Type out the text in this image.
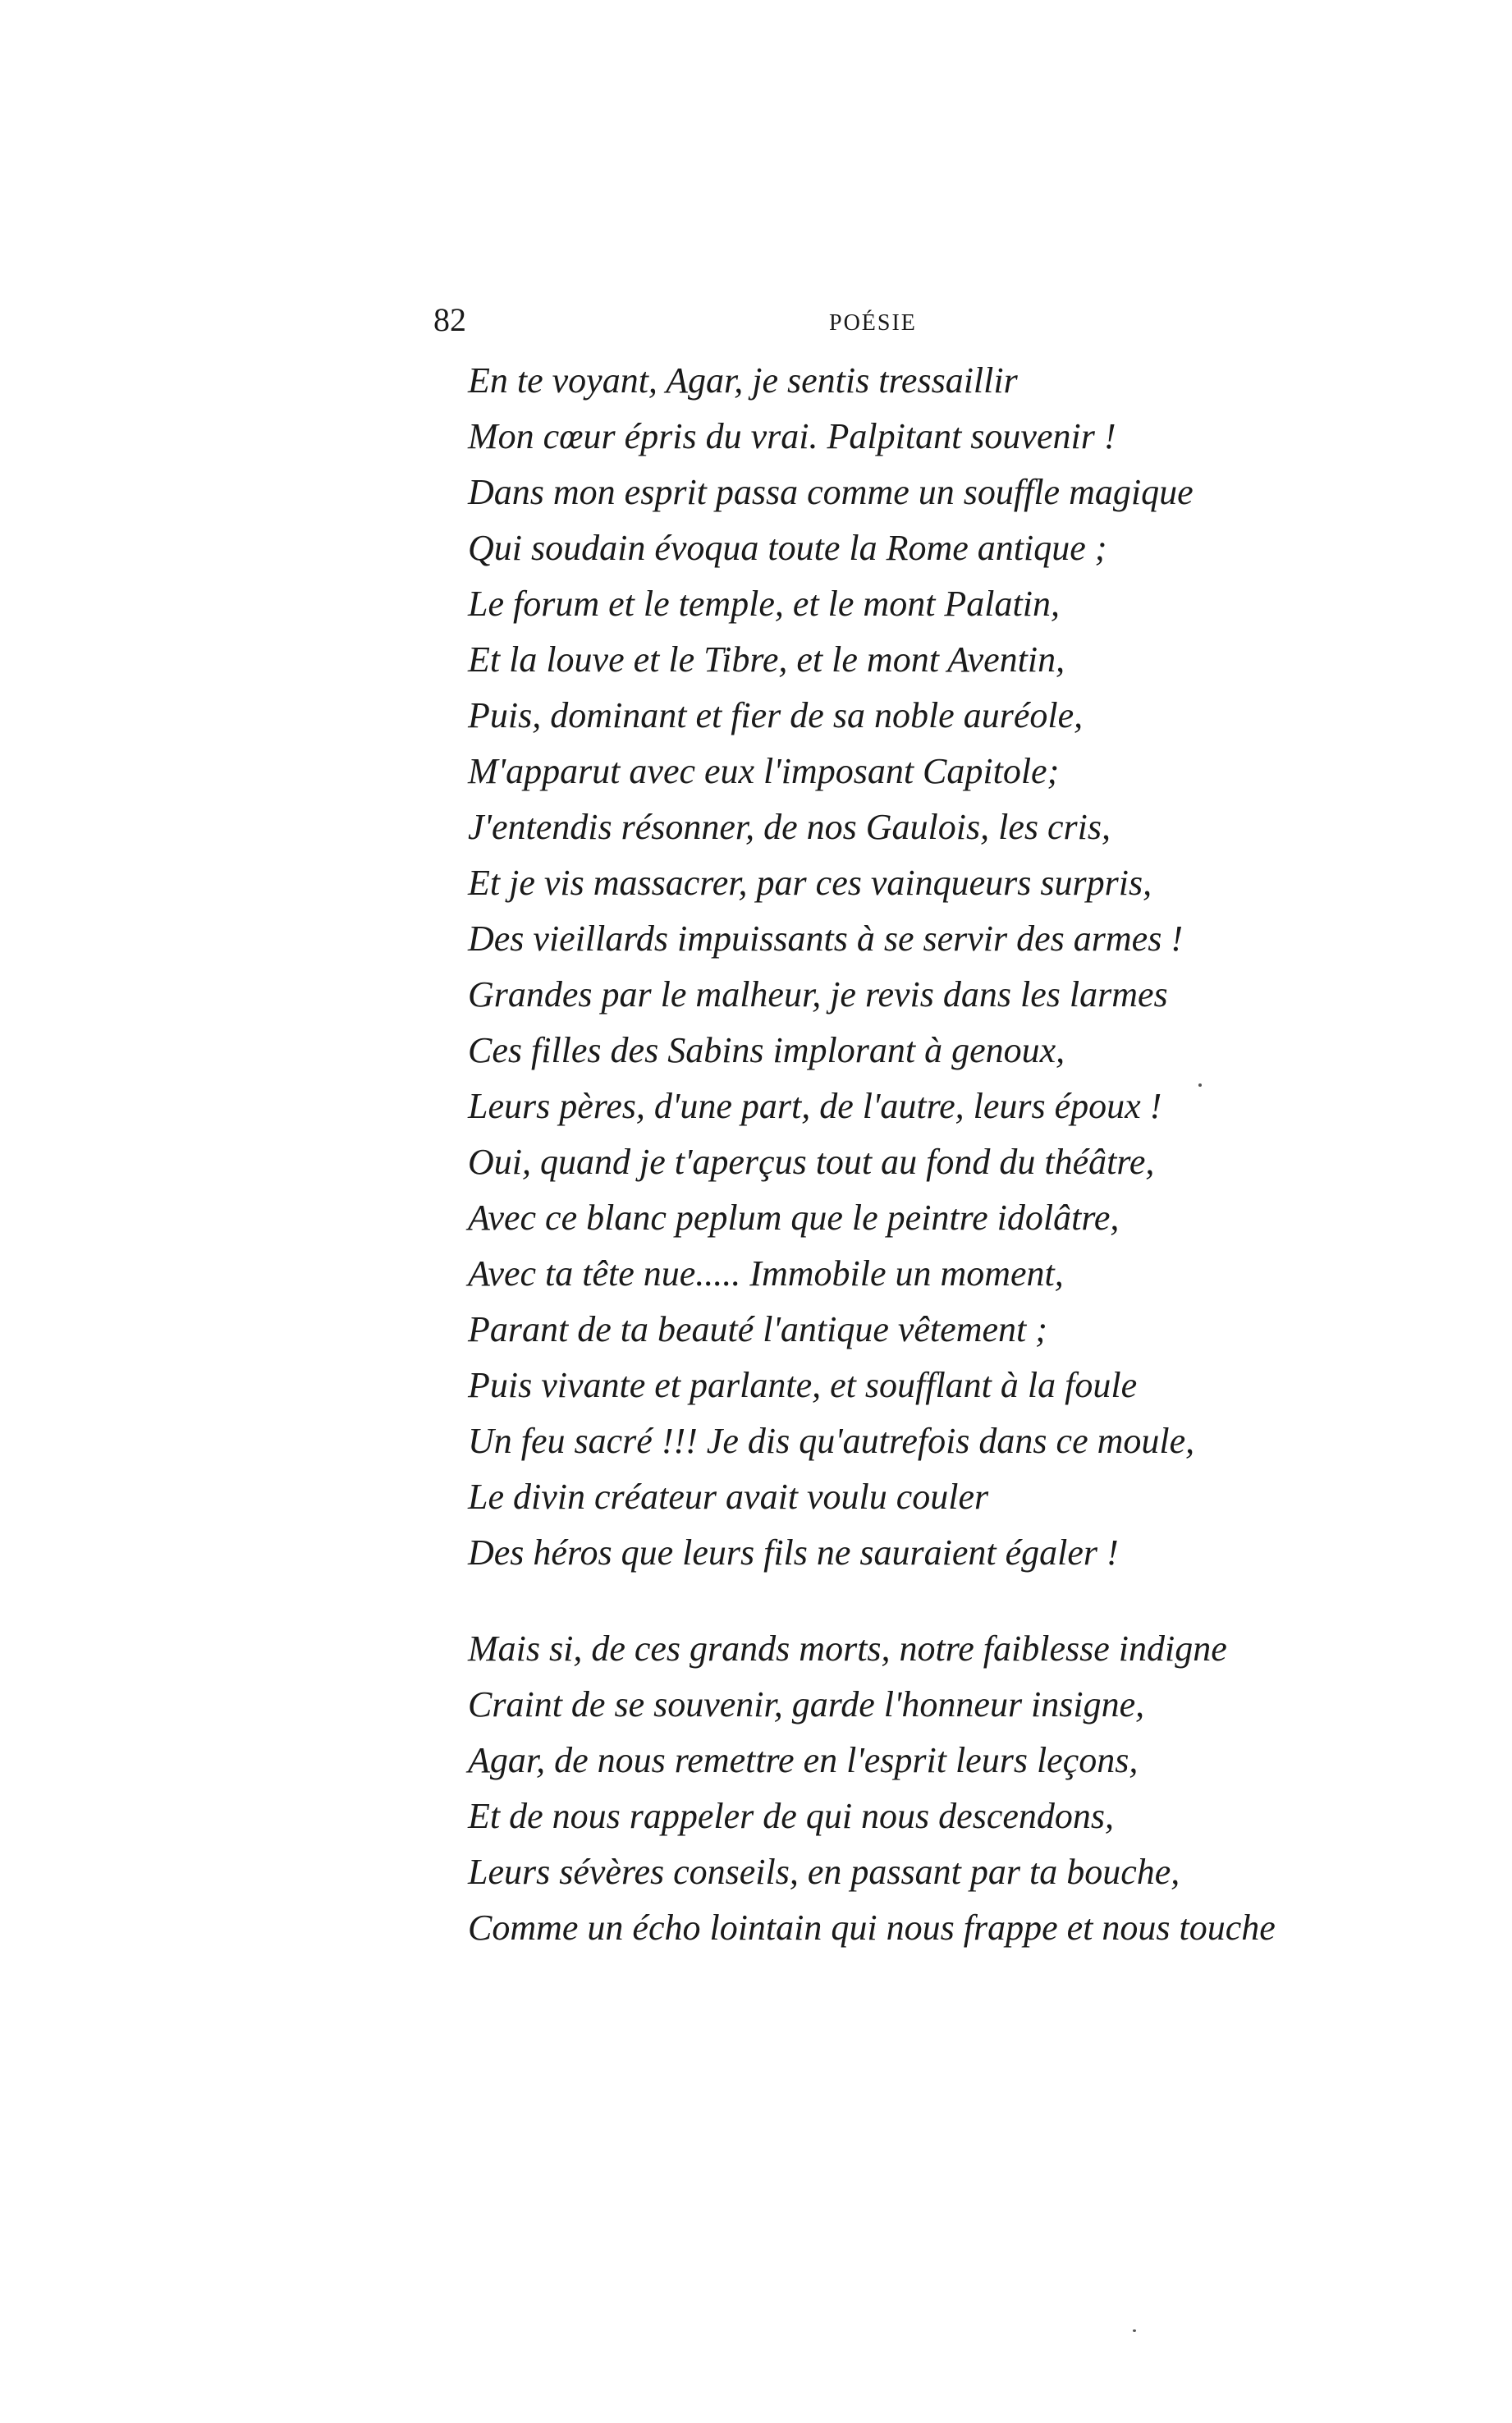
82	POÉSIE
En te voyant, Agar, je sentis tressaillir
Mon cœur épris du vrai. Palpitant souvenir !
Dans mon esprit passa comme un souffle magique
Qui soudain évoqua toute la Rome antique ;
Le forum et le temple, et le mont Palatin,
Et la louve et le Tibre, et le mont Aventin,
Puis, dominant et fier de sa noble auréole,
M'apparut avec eux l'imposant Capitole;
J'entendis résonner, de nos Gaulois, les cris,
Et je vis massacrer, par ces vainqueurs surpris,
Des vieillards impuissants à se servir des armes !
Grandes par le malheur, je revis dans les larmes
Ces filles des Sabins implorant à genoux,
Leurs pères, d'une part, de l'autre, leurs époux !
Oui, quand je t'aperçus tout au fond du théâtre,
Avec ce blanc peplum que le peintre idolâtre,
Avec ta tête nue..... Immobile un moment,
Parant de ta beauté l'antique vêtement ;
Puis vivante et parlante, et soufflant à la foule
Un feu sacré !!! Je dis qu'autrefois dans ce moule,
Le divin créateur avait voulu couler
Des héros que leurs fils ne sauraient égaler !
Mais si, de ces grands morts, notre faiblesse indigne
Craint de se souvenir, garde l'honneur insigne,
Agar, de nous remettre en l'esprit leurs leçons,
Et de nous rappeler de qui nous descendons,
Leurs sévères conseils, en passant par ta bouche,
Comme un écho lointain qui nous frappe et nous touche
